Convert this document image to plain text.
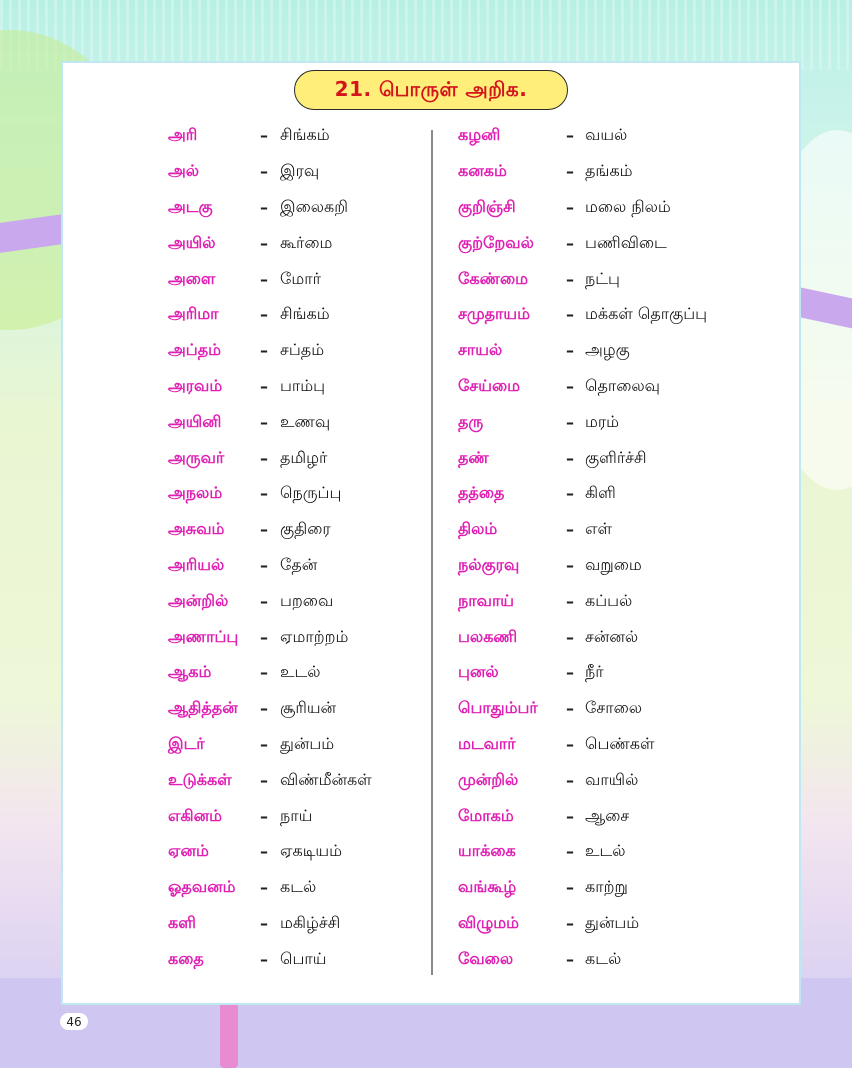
21. பொருள் அறிக.
அரி	– சிங்கம்
அல்	– இரவு
அடகு	– இலைகறி
அயில்	– கூர்மை
அளை	– மோர்
அரிமா	– சிங்கம்
அப்தம்	– சப்தம்
அரவம்	– பாம்பு
அயினி	– உணவு
அருவர்	– தமிழர்
அநலம்	– நெருப்பு
அசுவம்	– குதிரை
அரியல்	– தேன்
அன்றில்	– பறவை
அணாப்பு	– ஏமாற்றம்
ஆகம்	– உடல்
ஆதித்தன்	– சூரியன்
இடர்	– துன்பம்
உடுக்கள்	– விண்மீன்கள்
எகினம்	– நாய்
ஏனம்	– ஏகடியம்
ஓதவனம்	– கடல்
களி	– மகிழ்ச்சி
கதை	– பொய்
கழனி	– வயல்
கனகம்	– தங்கம்
குறிஞ்சி	– மலை நிலம்
குற்றேவல்	– பணிவிடை
கேண்மை	– நட்பு
சமுதாயம்	– மக்கள் தொகுப்பு
சாயல்	– அழகு
சேய்மை	– தொலைவு
தரு	– மரம்
தண்	– குளிர்ச்சி
தத்தை	– கிளி
திலம்	– எள்
நல்குரவு	– வறுமை
நாவாய்	– கப்பல்
பலகணி	– சன்னல்
புனல்	– நீர்
பொதும்பர்	– சோலை
மடவார்	– பெண்கள்
முன்றில்	– வாயில்
மோகம்	– ஆசை
யாக்கை	– உடல்
வங்கூழ்	– காற்று
விழுமம்	– துன்பம்
வேலை	– கடல்
46
